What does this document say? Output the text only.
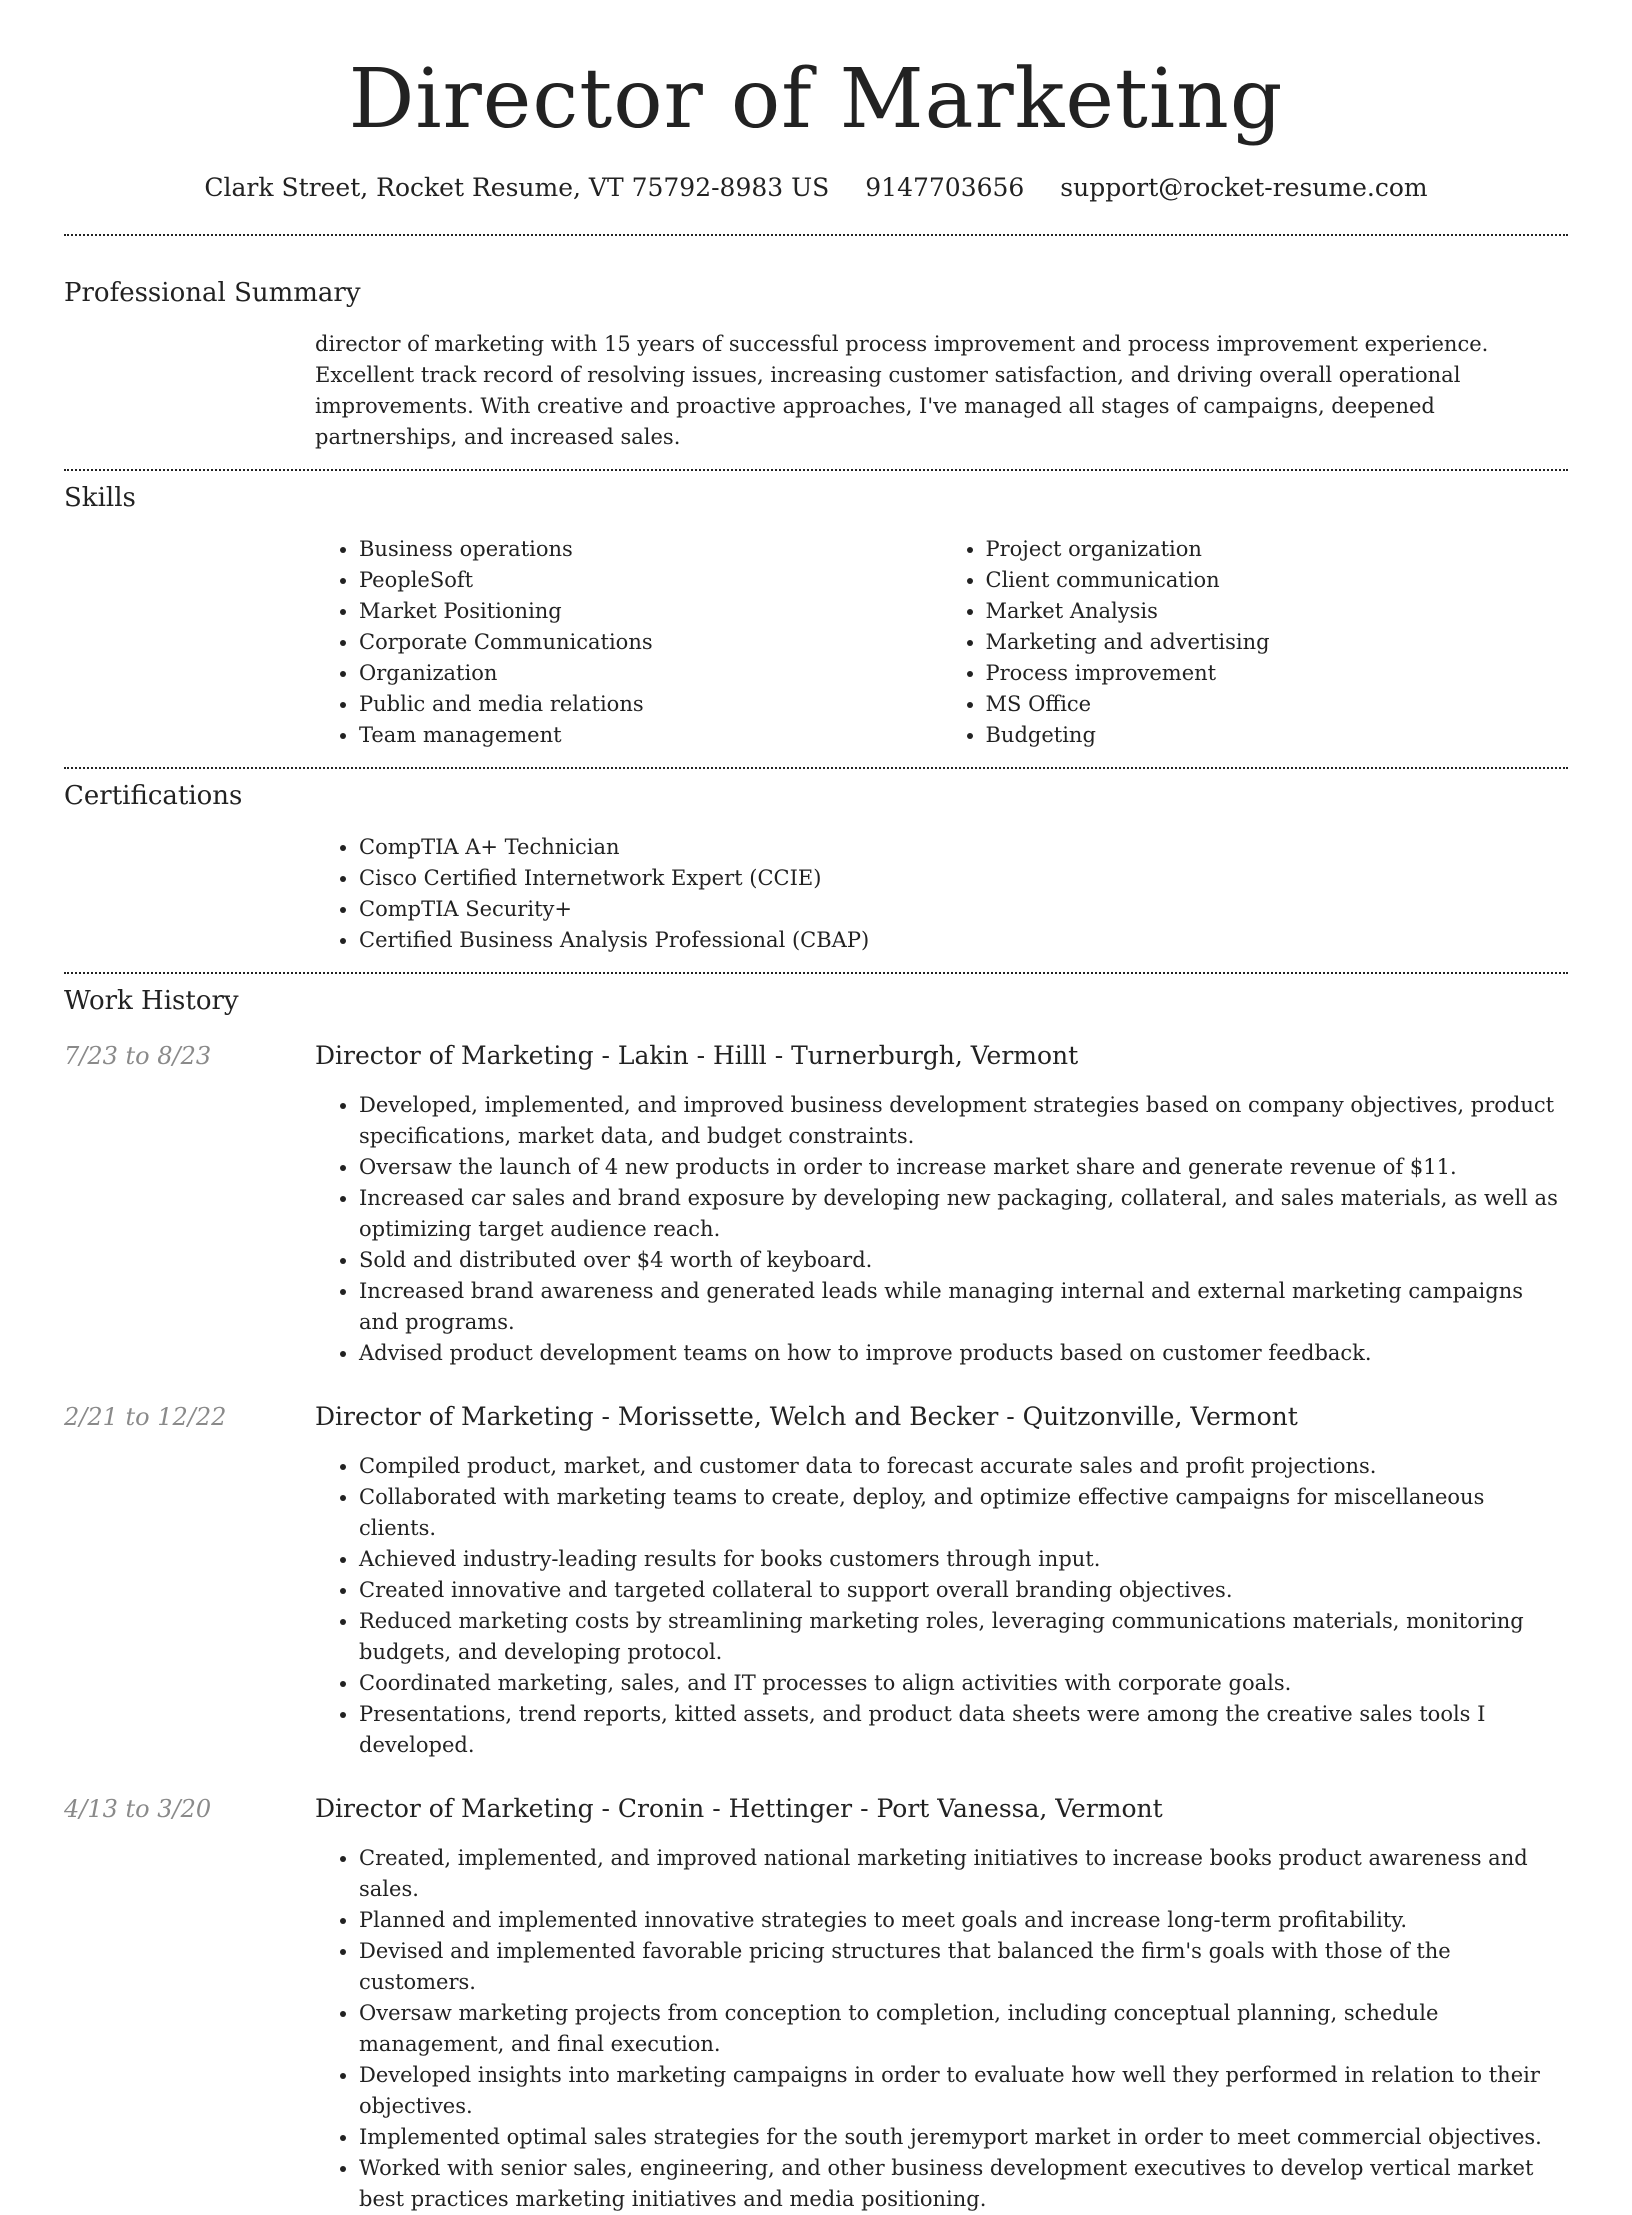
Director of Marketing
Clark Street, Rocket Resume, VT 75792-8983 US 9147703656 support@rocket-resume.com
Professional Summary

director of marketing with 15 years of successful process improvement and process improvement experience. Excellent track record of resolving issues, increasing customer satisfaction, and driving overall operational improvements. With creative and proactive approaches, I've managed all stages of campaigns, deepened partnerships, and increased sales.

Skills
• Business operations
• PeopleSoft
• Market Positioning
• Corporate Communications
• Organization
• Public and media relations
• Team management
• Project organization
• Client communication
• Market Analysis
• Marketing and advertising
• Process improvement
• MS Office
• Budgeting
Certifications
• CompTIA A+ Technician
• Cisco Certified Internetwork Expert (CCIE)
• CompTIA Security+
• Certified Business Analysis Professional (CBAP)
Work History
7/23 to 8/23	Director of Marketing - Lakin - Hilll - Turnerburgh, Vermont
• Developed, implemented, and improved business development strategies based on company objectives, product specifications, market data, and budget constraints.
• Oversaw the launch of 4 new products in order to increase market share and generate revenue of $11.
• Increased car sales and brand exposure by developing new packaging, collateral, and sales materials, as well as optimizing target audience reach.
• Sold and distributed over $4 worth of keyboard.
• Increased brand awareness and generated leads while managing internal and external marketing campaigns and programs.
• Advised product development teams on how to improve products based on customer feedback.
2/21 to 12/22	Director of Marketing - Morissette, Welch and Becker - Quitzonville, Vermont
• Compiled product, market, and customer data to forecast accurate sales and profit projections.
• Collaborated with marketing teams to create, deploy, and optimize effective campaigns for miscellaneous clients.
• Achieved industry-leading results for books customers through input.
• Created innovative and targeted collateral to support overall branding objectives.
• Reduced marketing costs by streamlining marketing roles, leveraging communications materials, monitoring budgets, and developing protocol.
• Coordinated marketing, sales, and IT processes to align activities with corporate goals.
• Presentations, trend reports, kitted assets, and product data sheets were among the creative sales tools I developed.
4/13 to 3/20	Director of Marketing - Cronin - Hettinger - Port Vanessa, Vermont
• Created, implemented, and improved national marketing initiatives to increase books product awareness and sales.
• Planned and implemented innovative strategies to meet goals and increase long-term profitability.
• Devised and implemented favorable pricing structures that balanced the firm's goals with those of the customers.
• Oversaw marketing projects from conception to completion, including conceptual planning, schedule management, and final execution.
• Developed insights into marketing campaigns in order to evaluate how well they performed in relation to their objectives.
• Implemented optimal sales strategies for the south jeremyport market in order to meet commercial objectives.
• Worked with senior sales, engineering, and other business development executives to develop vertical market best practices marketing initiatives and media positioning.
